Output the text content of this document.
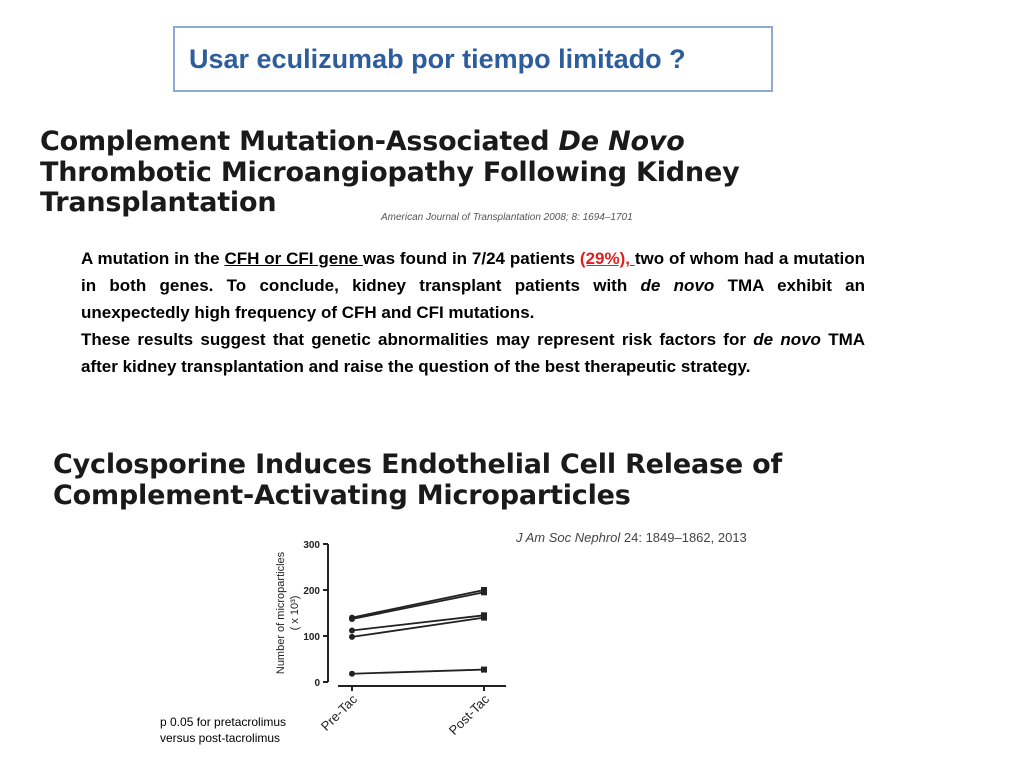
Usar eculizumab por tiempo limitado ?
Complement Mutation-Associated De Novo
Thrombotic Microangiopathy Following Kidney
Transplantation	American Journal of Transplantation 2008; 8: 1694–1701

A mutation in the CFH or CFI gene was found in 7/24 patients (29%), two of whom had a mutation in both genes. To conclude, kidney transplant patients with de novo TMA exhibit an unexpectedly high frequency of CFH and CFI mutations.

These results suggest that genetic abnormalities may represent risk factors for de novo TMA after kidney transplantation and raise the question of the best therapeutic strategy.

Cyclosporine Induces Endothelial Cell Release of
Complement-Activating Microparticles
J Am Soc Nephrol 24: 1849–1862, 2013
0
100
200
300
Pre-Tac	Post-Tac
Number of microparticles ( x 10³)
p 0.05 for pretacrolimus
versus post-tacrolimus
